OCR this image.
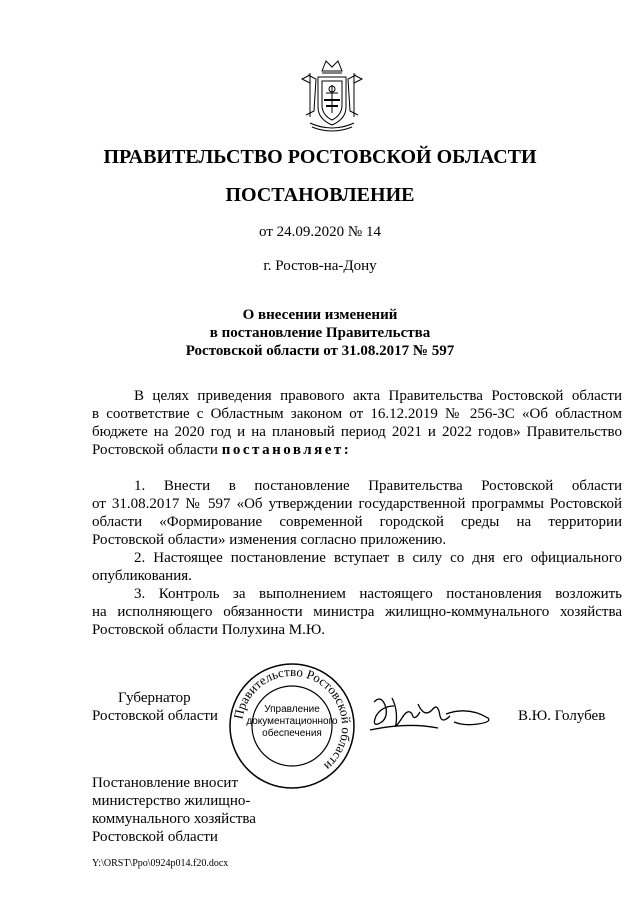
ПРАВИТЕЛЬСТВО РОСТОВСКОЙ ОБЛАСТИ
ПОСТАНОВЛЕНИЕ
от 24.09.2020 № 14
г. Ростов-на-Дону
О внесении изменений
в постановление Правительства
Ростовской области от 31.08.2017 № 597
В целях приведения правового акта Правительства Ростовской области
в соответствие с Областным законом от 16.12.2019 № 256-ЗС «Об областном
бюджете на 2020 год и на плановый период 2021 и 2022 годов» Правительство
Ростовской области постановляет:
1. Внести в постановление Правительства Ростовской области
от 31.08.2017 № 597 «Об утверждении государственной программы Ростовской
области «Формирование современной городской среды на территории
Ростовской области» изменения согласно приложению.
2. Настоящее постановление вступает в силу со дня его официального
опубликования.
3. Контроль за выполнением настоящего постановления возложить
на исполняющего обязанности министра жилищно-коммунального хозяйства
Ростовской области Полухина М.Ю.
Губернатор
Ростовской области Правительство Ростовской области
Управление
документационного
обеспечения
В.Ю. Голубев
Постановление вносит
министерство жилищно-
коммунального хозяйства
Ростовской области
Y:\ORST\Ppo\0924p014.f20.docx
